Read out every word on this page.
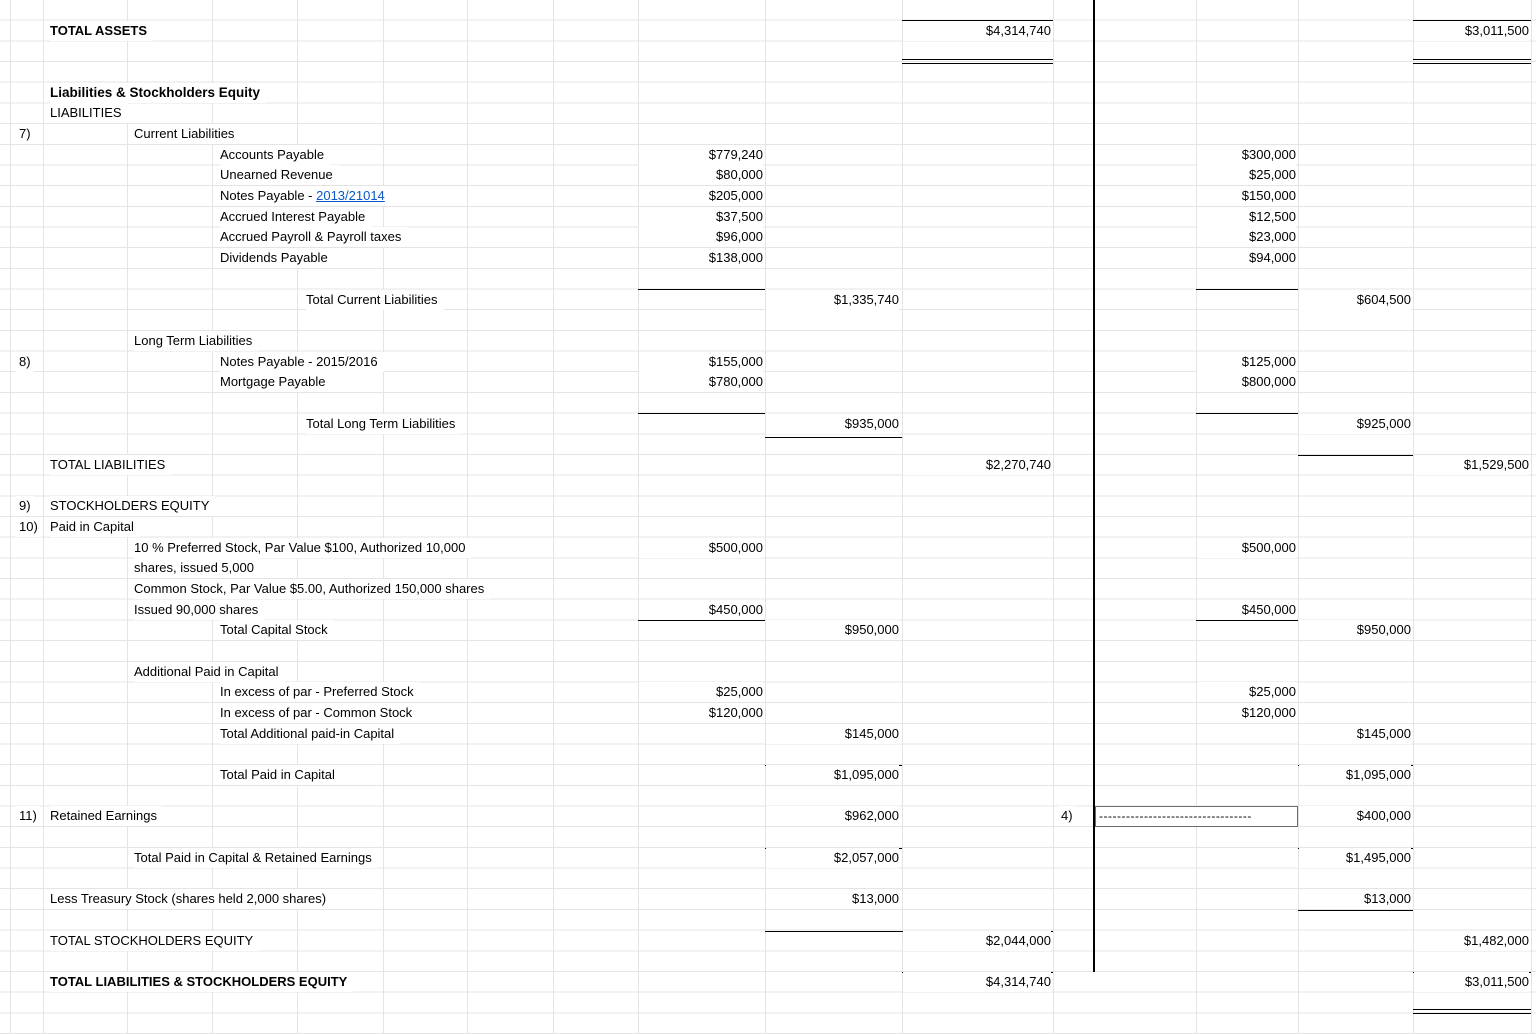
TOTAL ASSETS	$4,314,740	$3,011,500
Liabilities & Stockholders Equity
LIABILITIES
7)	Current Liabilities
Accounts Payable	$779,240	$300,000
Unearned Revenue	$80,000	$25,000
Notes Payable - 2013/21014	$205,000	$150,000
Accrued Interest Payable	$37,500	$12,500
Accrued Payroll & Payroll taxes	$96,000	$23,000
Dividends Payable	$138,000	$94,000
Total Current Liabilities	$1,335,740	$604,500
Long Term Liabilities
8)	Notes Payable - 2015/2016	$155,000	$125,000
Mortgage Payable	$780,000	$800,000
Total Long Term Liabilities	$935,000	$925,000
TOTAL LIABILITIES	$2,270,740	$1,529,500
9) STOCKHOLDERS EQUITY
10) Paid in Capital
10 % Preferred Stock, Par Value $100, Authorized 10,000	$500,000	$500,000
shares, issued 5,000
Common Stock, Par Value $5.00, Authorized 150,000 shares
Issued 90,000 shares	$450,000	$450,000
Total Capital Stock	$950,000	$950,000
Additional Paid in Capital
In excess of par - Preferred Stock	$25,000	$25,000
In excess of par - Common Stock	$120,000	$120,000
Total Additional paid-in Capital	$145,000	$145,000
Total Paid in Capital	$1,095,000	$1,095,000
11) Retained Earnings	$962,000	4)	----------------------------------	$400,000
Total Paid in Capital & Retained Earnings	$2,057,000	$1,495,000
Less Treasury Stock (shares held 2,000 shares)	$13,000	$13,000
TOTAL STOCKHOLDERS EQUITY	$2,044,000	$1,482,000
TOTAL LIABILITIES & STOCKHOLDERS EQUITY	$4,314,740	$3,011,500
